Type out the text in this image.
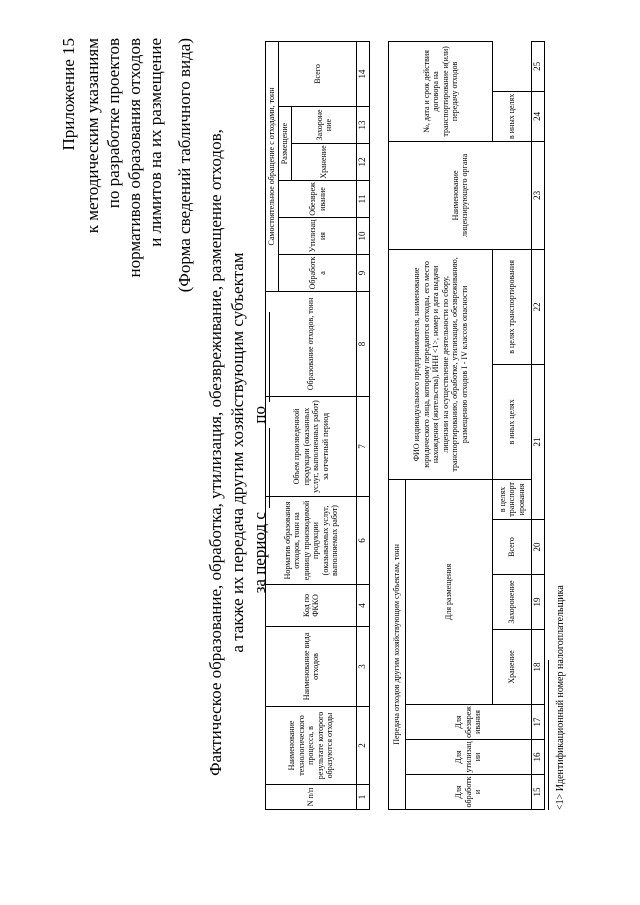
Приложение 15 к методическим указаниям по разработке проектов нормативов образования отходов и лимитов на их размещение (Форма сведений табличного вида) Фактическое образование, обработка, утилизация, обезвреживание, размещение отходов, а также их передача другим хозяйствующим субъектам за период с  по
N п/п	Наименование технологического процесса, в результате которого образуются отходы	Наименование вида отходов	Код по ФККО	Норматив образования отходов, тонн на единицу производимой продукции (оказываемых услуг, выполняемых работ)	Объем произведенной продукции (оказанных услуг, выполненных работ) за отчетный период	Образование отходов, тонн	Самостоятельное обращение с отходами, тонн					
							Обработка	Утилизация	Обезвреживание	Размещение		Всего
										Хранение	Захоронение	
1	2	3	4	6	7	8	9	10	11	12	13	14
Передача отходов другим хозяйствующим субъектам, тонн							ФИО индивидуального предпринимателя, наименование юридического лица, которому передаются отходы, его место нахождения (жительства), ИНН <1>, номер и дата выдачи лицензии на осуществление деятельности по сбору, транспортированию, обработке, утилизации, обезвреживанию, размещению отходов I - IV классов опасности		Наименование лицензирующего органа	№, дата и срок действия договора на транспортирование и(или) передачу отходов	
Для обработки	Для утилизации	Для обезвреживания	Для размещения								
			Хранение	Захоронение	Всего	в целях транспортирования	в иных целях	в целях транспортирования		в иных целях	
15	16	17	18	19	20	21		22	23	24	25
<1> Идентификационный номер налогоплательщика
